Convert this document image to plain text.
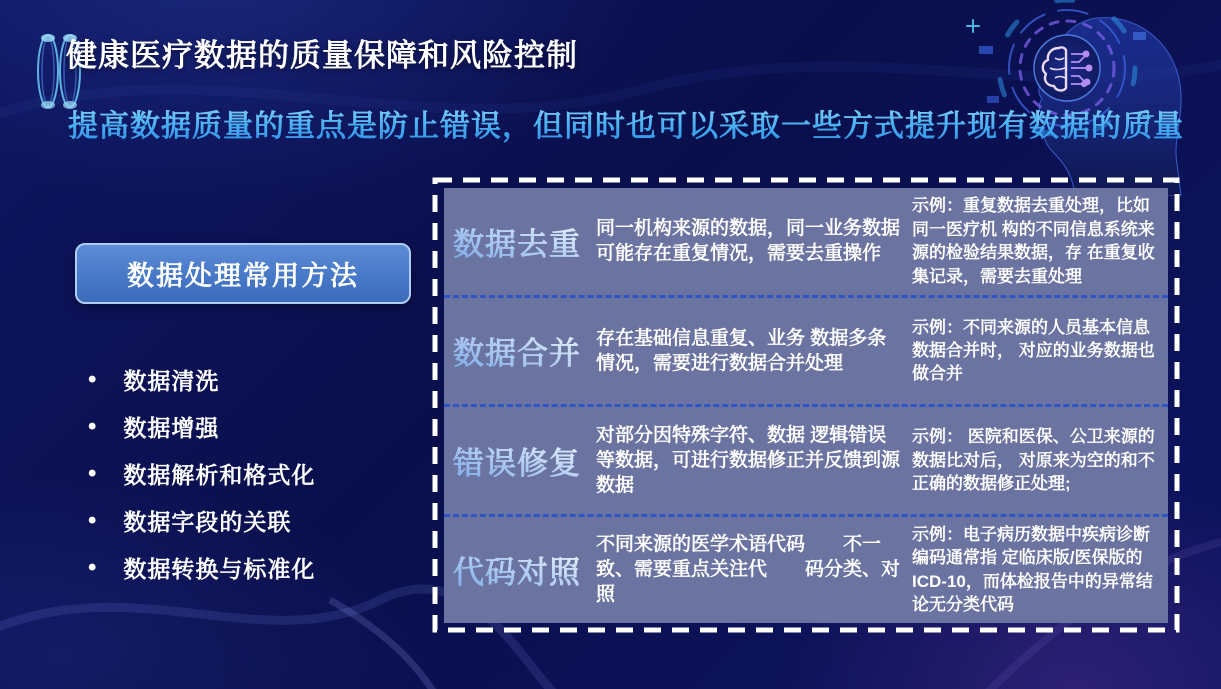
健康医疗数据的质量保障和风险控制
提高数据质量的重点是防止错误，但同时也可以采取一些方式提升现有数据的质量
数据处理常用方法
• 数据清洗
• 数据增强
• 数据解析和格式化
• 数据字段的关联
• 数据转换与标准化
数据去重 同一机构来源的数据，同一业务数据可能存在重复情况，需要去重操作
示例：重复数据去重处理，比如同一医疗机 构的不同信息系统来源的检验结果数据，存 在重复收集记录，需要去重处理
数据合并 存在基础信息重复、业务 数据多条情况，需要进行数据合并处理
示例：不同来源的人员基本信息数据合并时， 对应的业务数据也做合并
错误修复
对部分因特殊字符、数据 逻辑错误等数据，可进行数据修正并反馈到源数据
示例： 医院和医保、公卫来源的数据比对后， 对原来为空的和不正确的数据修正处理;
代码对照
不同来源的医学术语代码　　不一致、需要重点关注代　　码分类、对照
示例：电子病历数据中疾病诊断编码通常指 定临床版/医保版的ICD-10，而体检报告中的异常结论无分类代码
